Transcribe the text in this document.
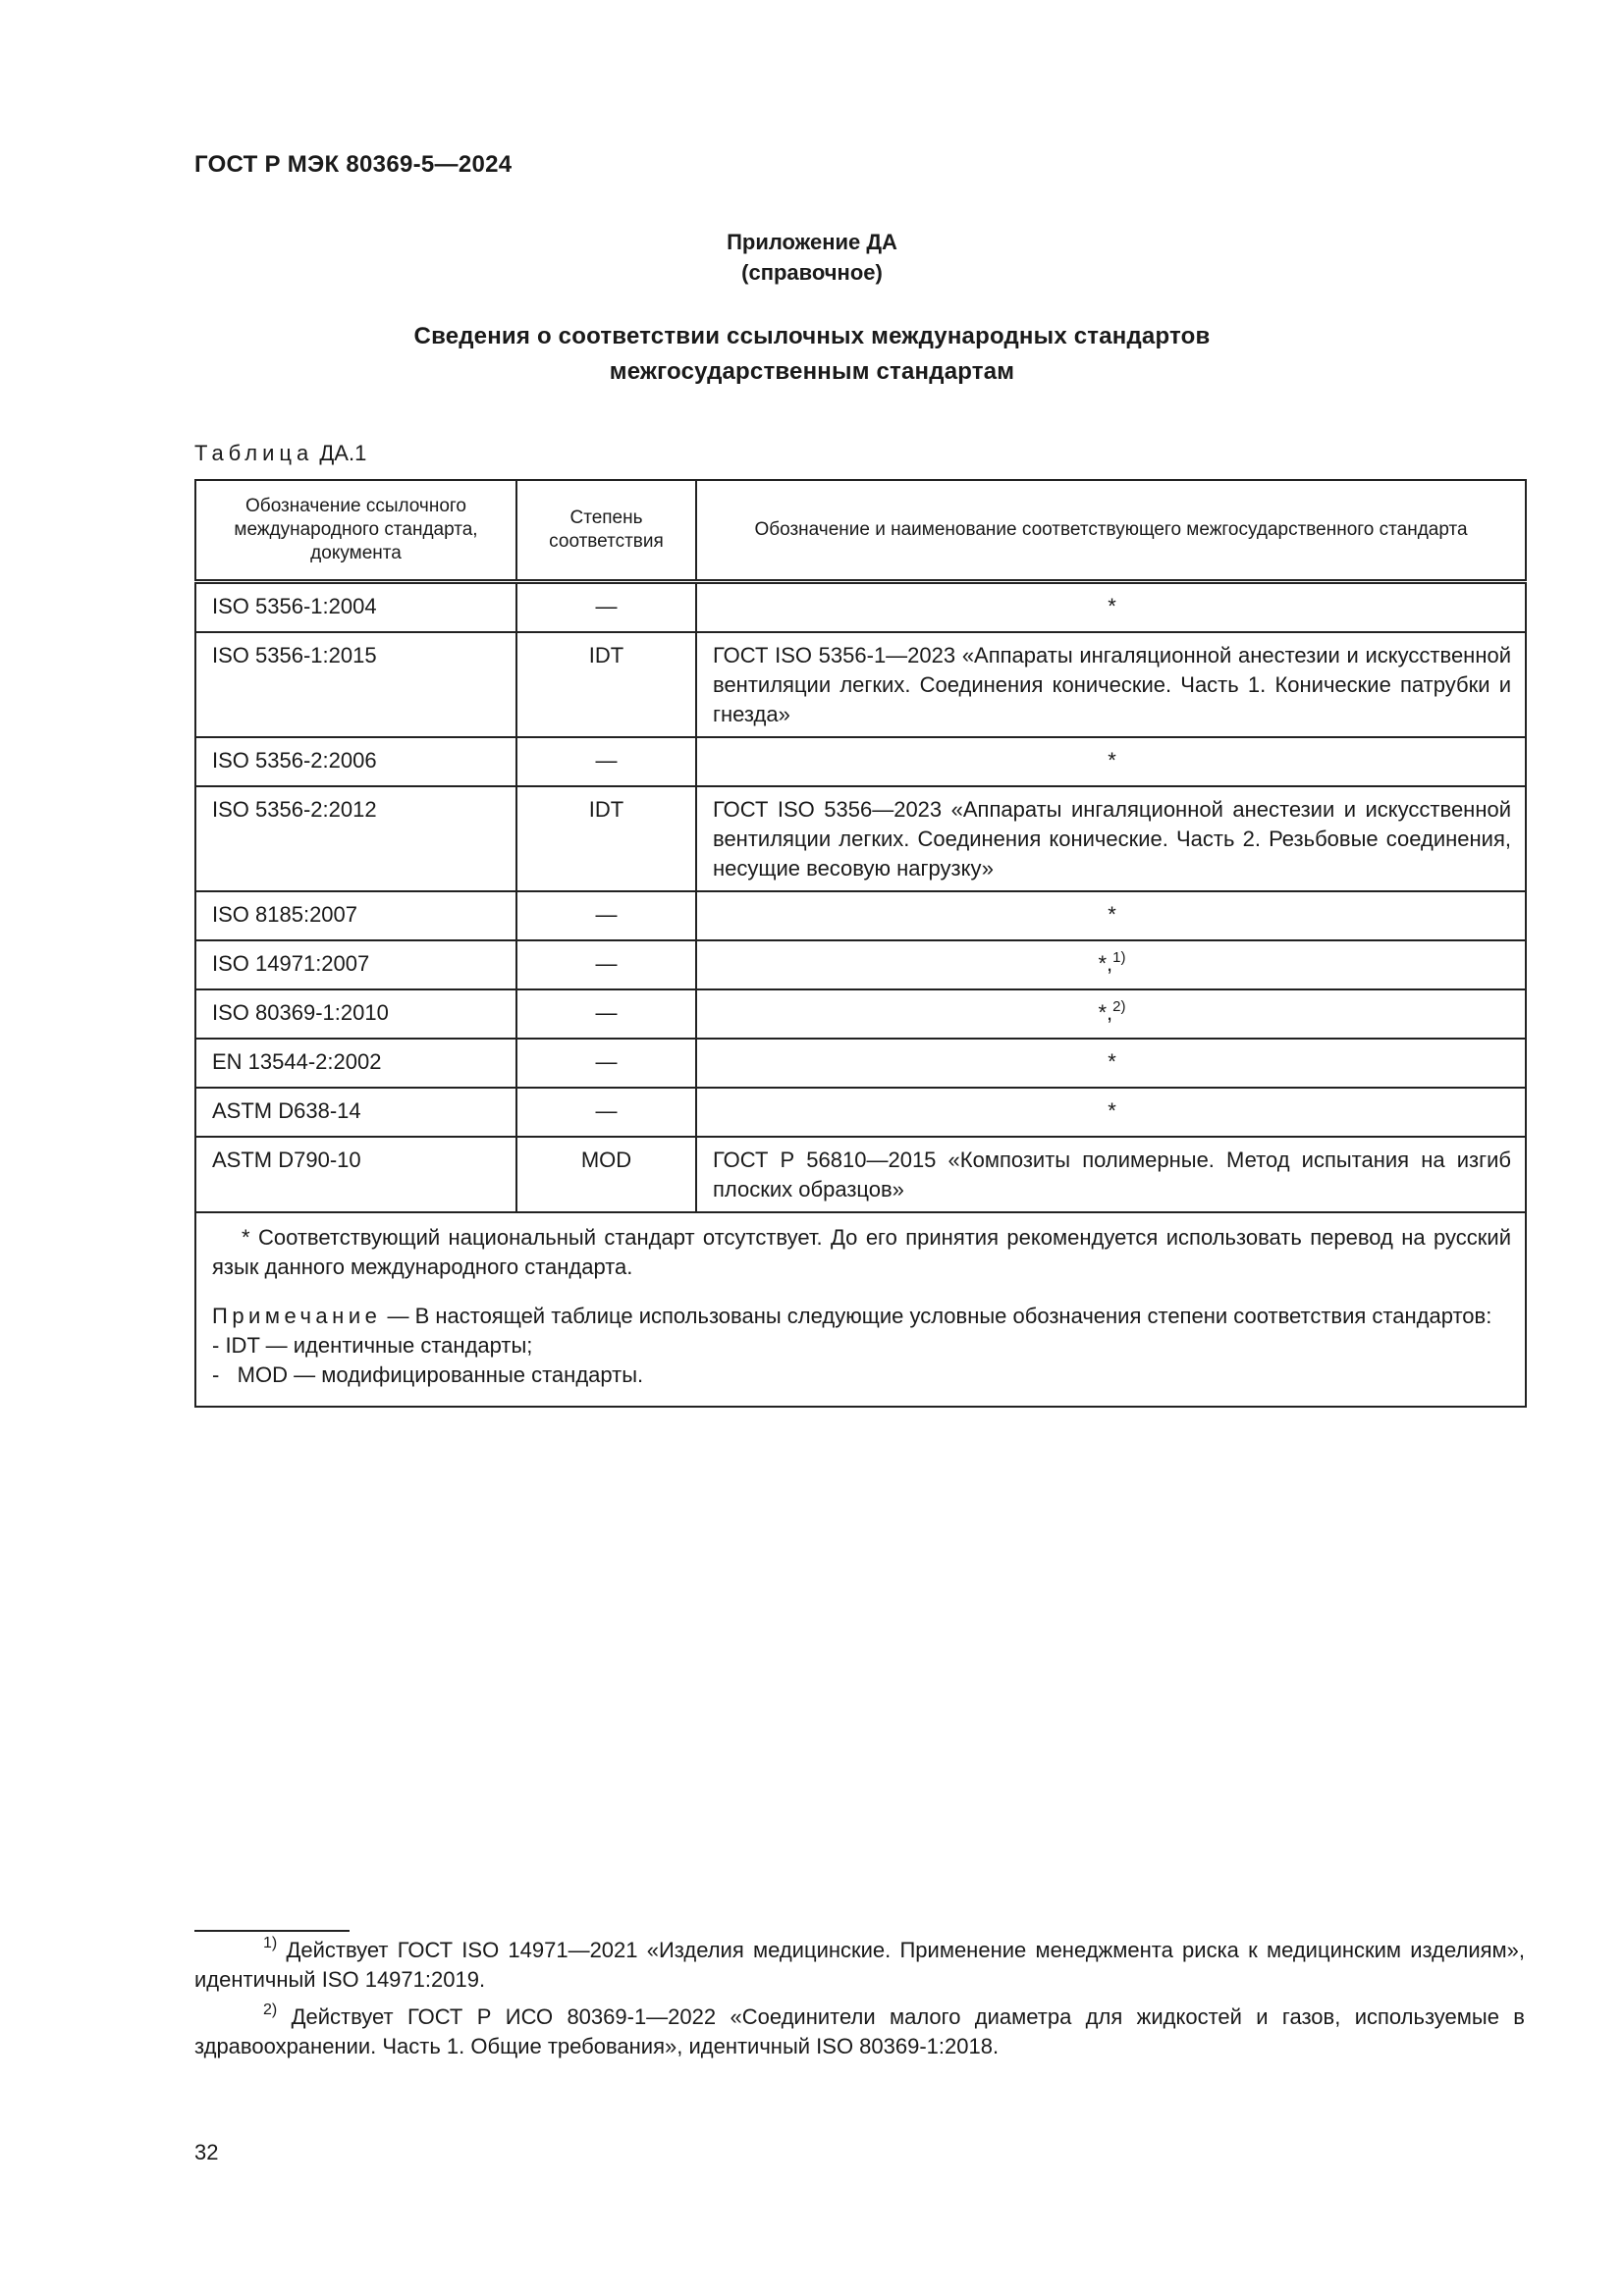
ГОСТ Р МЭК 80369-5—2024
Приложение ДА
(справочное)
Сведения о соответствии ссылочных международных стандартов
межгосударственным стандартам
Таблица ДА.1
Обозначение ссылочного международного стандарта, документа	Степень соответствия	Обозначение и наименование соответствующего межгосударственного стандарта
ISO 5356-1:2004	—	*
ISO 5356-1:2015	IDT	ГОСТ ISO 5356-1—2023 «Аппараты ингаляционной анестезии и искусственной вентиляции легких. Соединения конические. Часть 1. Конические патрубки и гнезда»
ISO 5356-2:2006	—	*
ISO 5356-2:2012	IDT	ГОСТ ISO 5356—2023 «Аппараты ингаляционной анестезии и искусственной вентиляции легких. Соединения конические. Часть 2. Резьбовые соединения, несущие весовую нагрузку»
ISO 8185:2007	—	*
ISO 14971:2007	—	*,$^{1)}$
ISO 80369-1:2010	—	*,$^{2)}$
EN 13544-2:2002	—	*
ASTM D638-14	—	*
ASTM D790-10	MOD	ГОСТ Р 56810—2015 «Композиты полимерные. Метод испытания на изгиб плоских образцов»

* Соответствующий национальный стандарт отсутствует. До его принятия рекомендуется использовать перевод на русский язык данного международного стандарта.
Примечание — В настоящей таблице использованы следующие условные обозначения степени соответствия стандартов:
- IDT — идентичные стандарты;
-   MOD — модифицированные стандарты.		
$^{1)}$ Действует ГОСТ ISO 14971—2021 «Изделия медицинские. Применение менеджмента риска к медицинским изделиям», идентичный ISO 14971:2019.
$^{2)}$ Действует ГОСТ Р ИСО 80369-1—2022 «Соединители малого диаметра для жидкостей и газов, используемые в здравоохранении. Часть 1. Общие требования», идентичный ISO 80369-1:2018.
32
